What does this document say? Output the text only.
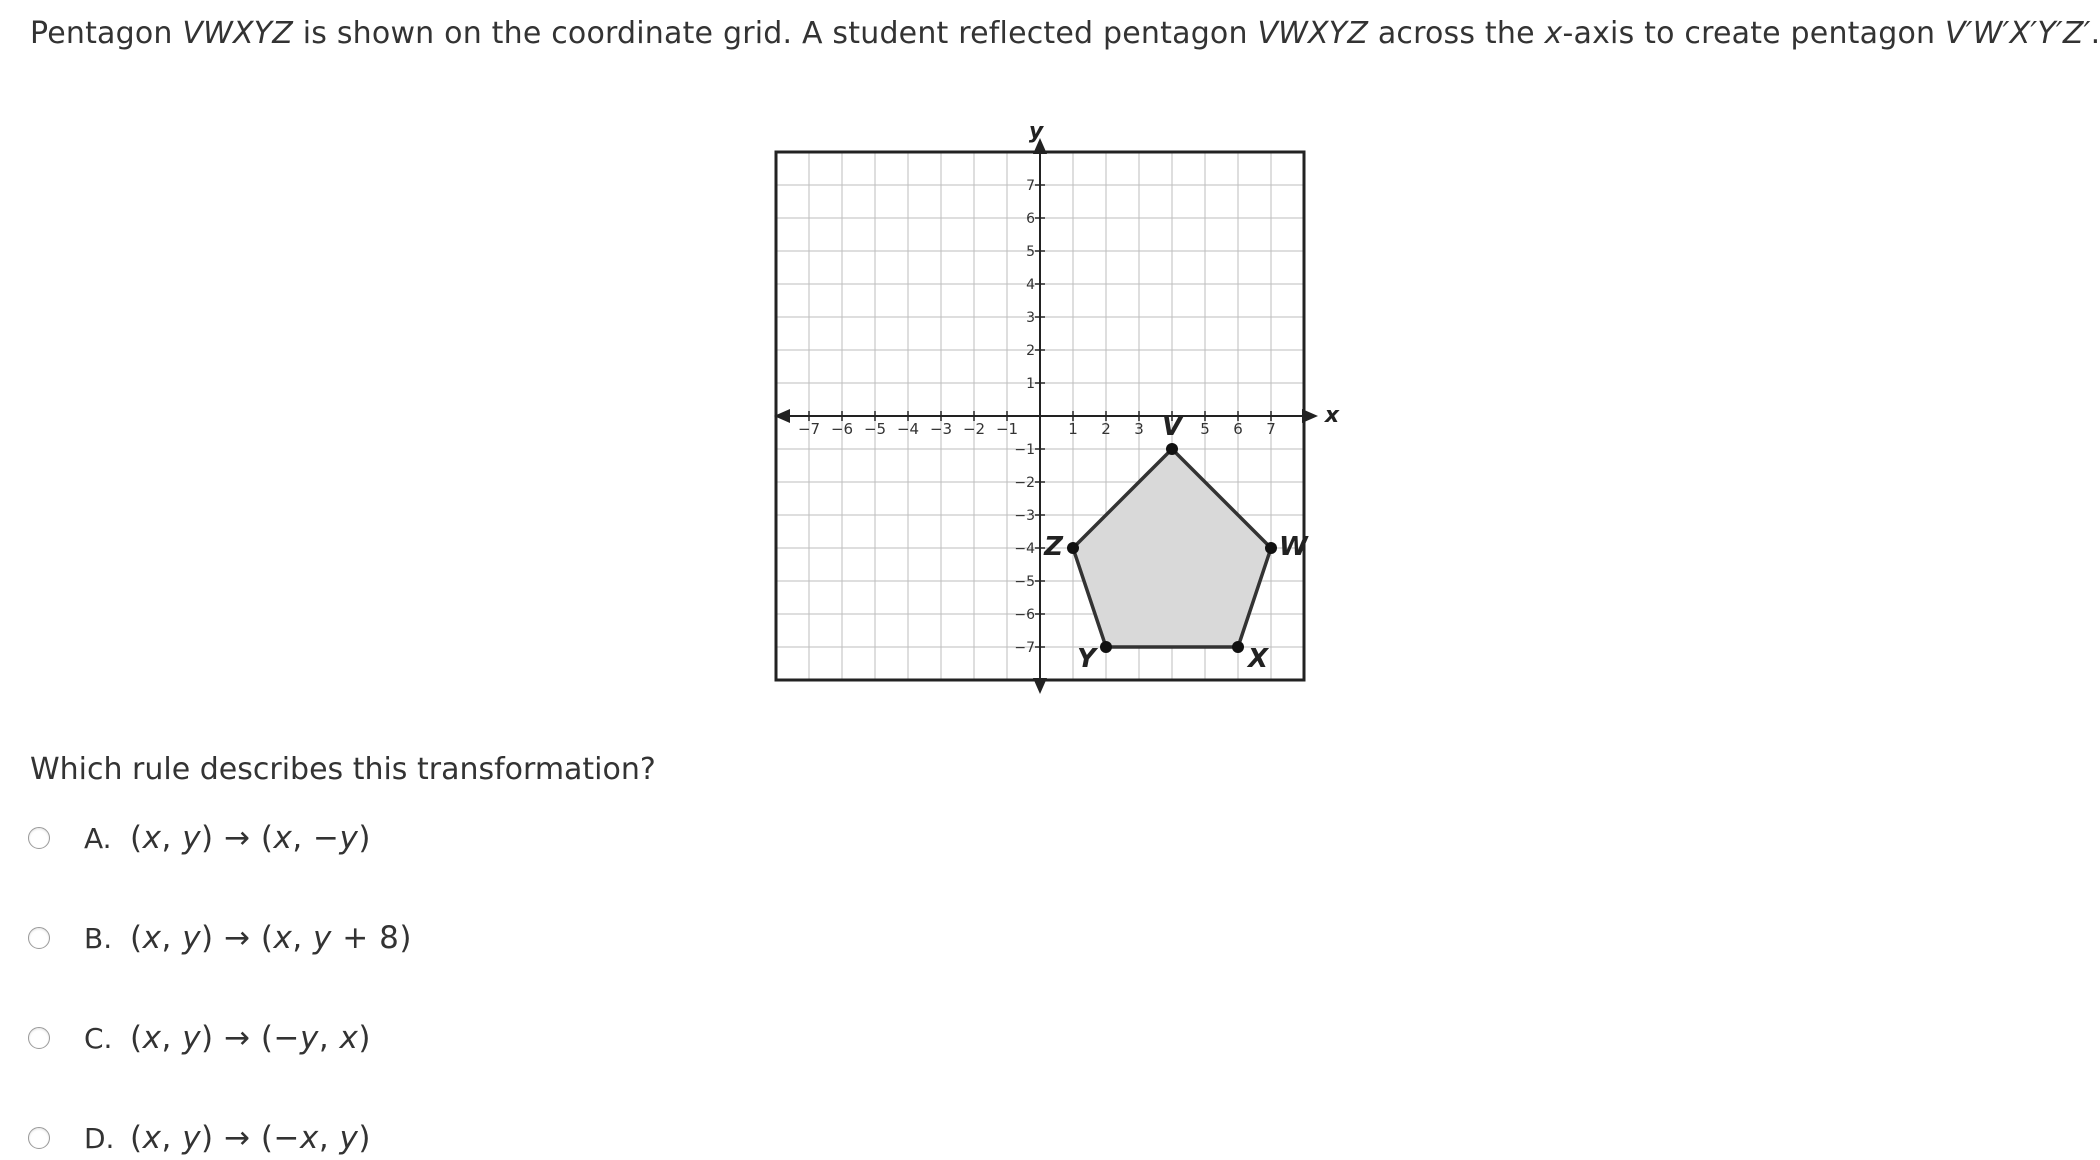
Pentagon VWXYZ is shown on the coordinate grid. A student reflected pentagon VWXYZ across the x-axis to create pentagon V′W′X′Y′Z′.
−7 −6 −5 −4 −3 −2 −1	1 2 3	5 6 7
7
6
5
4
3
2
1
−1
−2
−3
−4
−5
−6
−7
x
y
V
W
X
Y
Z
Which rule describes this transformation?
A. (x, y) → (x, −y)
B. (x, y) → (x, y + 8)
C. (x, y) → (−y, x)
D. (x, y) → (−x, y)
